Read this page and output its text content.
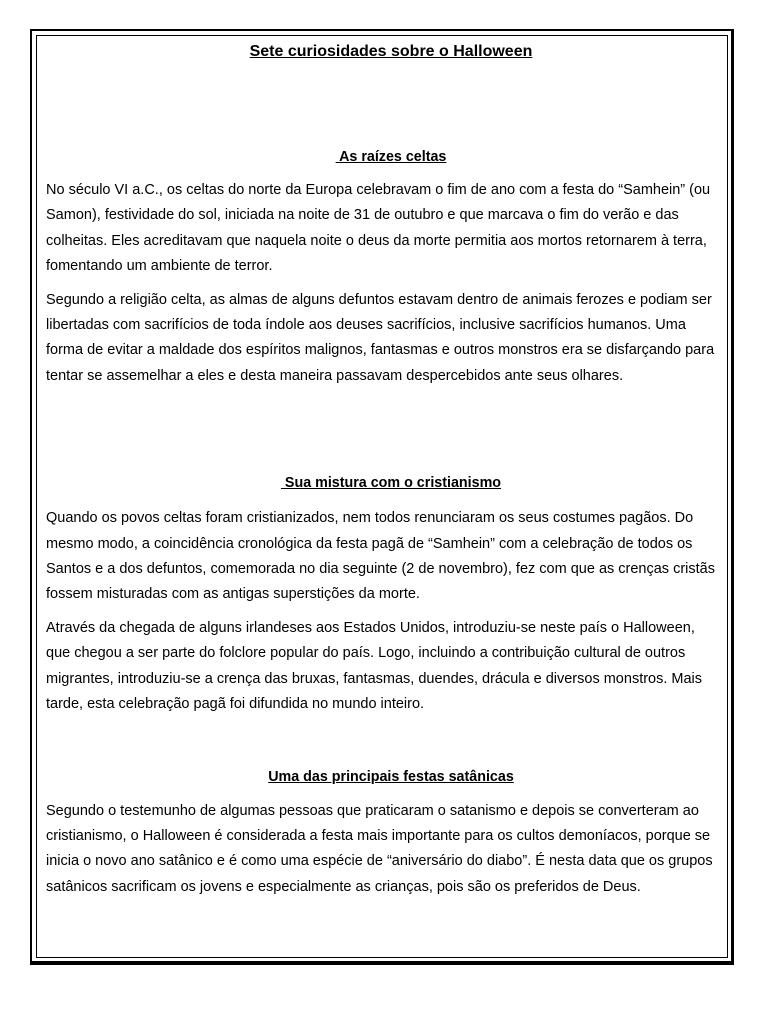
Sete curiosidades sobre o Halloween
As raízes celtas

No século VI a.C., os celtas do norte da Europa celebravam o fim de ano com a festa do “Samhein” (ou Samon), festividade do sol, iniciada na noite de 31 de outubro e que marcava o fim do verão e das colheitas. Eles acreditavam que naquela noite o deus da morte permitia aos mortos retornarem à terra, fomentando um ambiente de terror.

Segundo a religião celta, as almas de alguns defuntos estavam dentro de animais ferozes e podiam ser libertadas com sacrifícios de toda índole aos deuses sacrifícios, inclusive sacrifícios humanos. Uma forma de evitar a maldade dos espíritos malignos, fantasmas e outros monstros era se disfarçando para tentar se assemelhar a eles e desta maneira passavam despercebidos ante seus olhares.

Sua mistura com o cristianismo

Quando os povos celtas foram cristianizados, nem todos renunciaram os seus costumes pagãos. Do mesmo modo, a coincidência cronológica da festa pagã de “Samhein” com a celebração de todos os Santos e a dos defuntos, comemorada no dia seguinte (2 de novembro), fez com que as crenças cristãs fossem misturadas com as antigas superstições da morte.

Através da chegada de alguns irlandeses aos Estados Unidos, introduziu-se neste país o Halloween, que chegou a ser parte do folclore popular do país. Logo, incluindo a contribuição cultural de outros migrantes, introduziu-se a crença das bruxas, fantasmas, duendes, drácula e diversos monstros. Mais tarde, esta celebração pagã foi difundida no mundo inteiro.

Uma das principais festas satânicas

Segundo o testemunho de algumas pessoas que praticaram o satanismo e depois se converteram ao cristianismo, o Halloween é considerada a festa mais importante para os cultos demoníacos, porque se inicia o novo ano satânico e é como uma espécie de “aniversário do diabo”. É nesta data que os grupos satânicos sacrificam os jovens e especialmente as crianças, pois são os preferidos de Deus.
